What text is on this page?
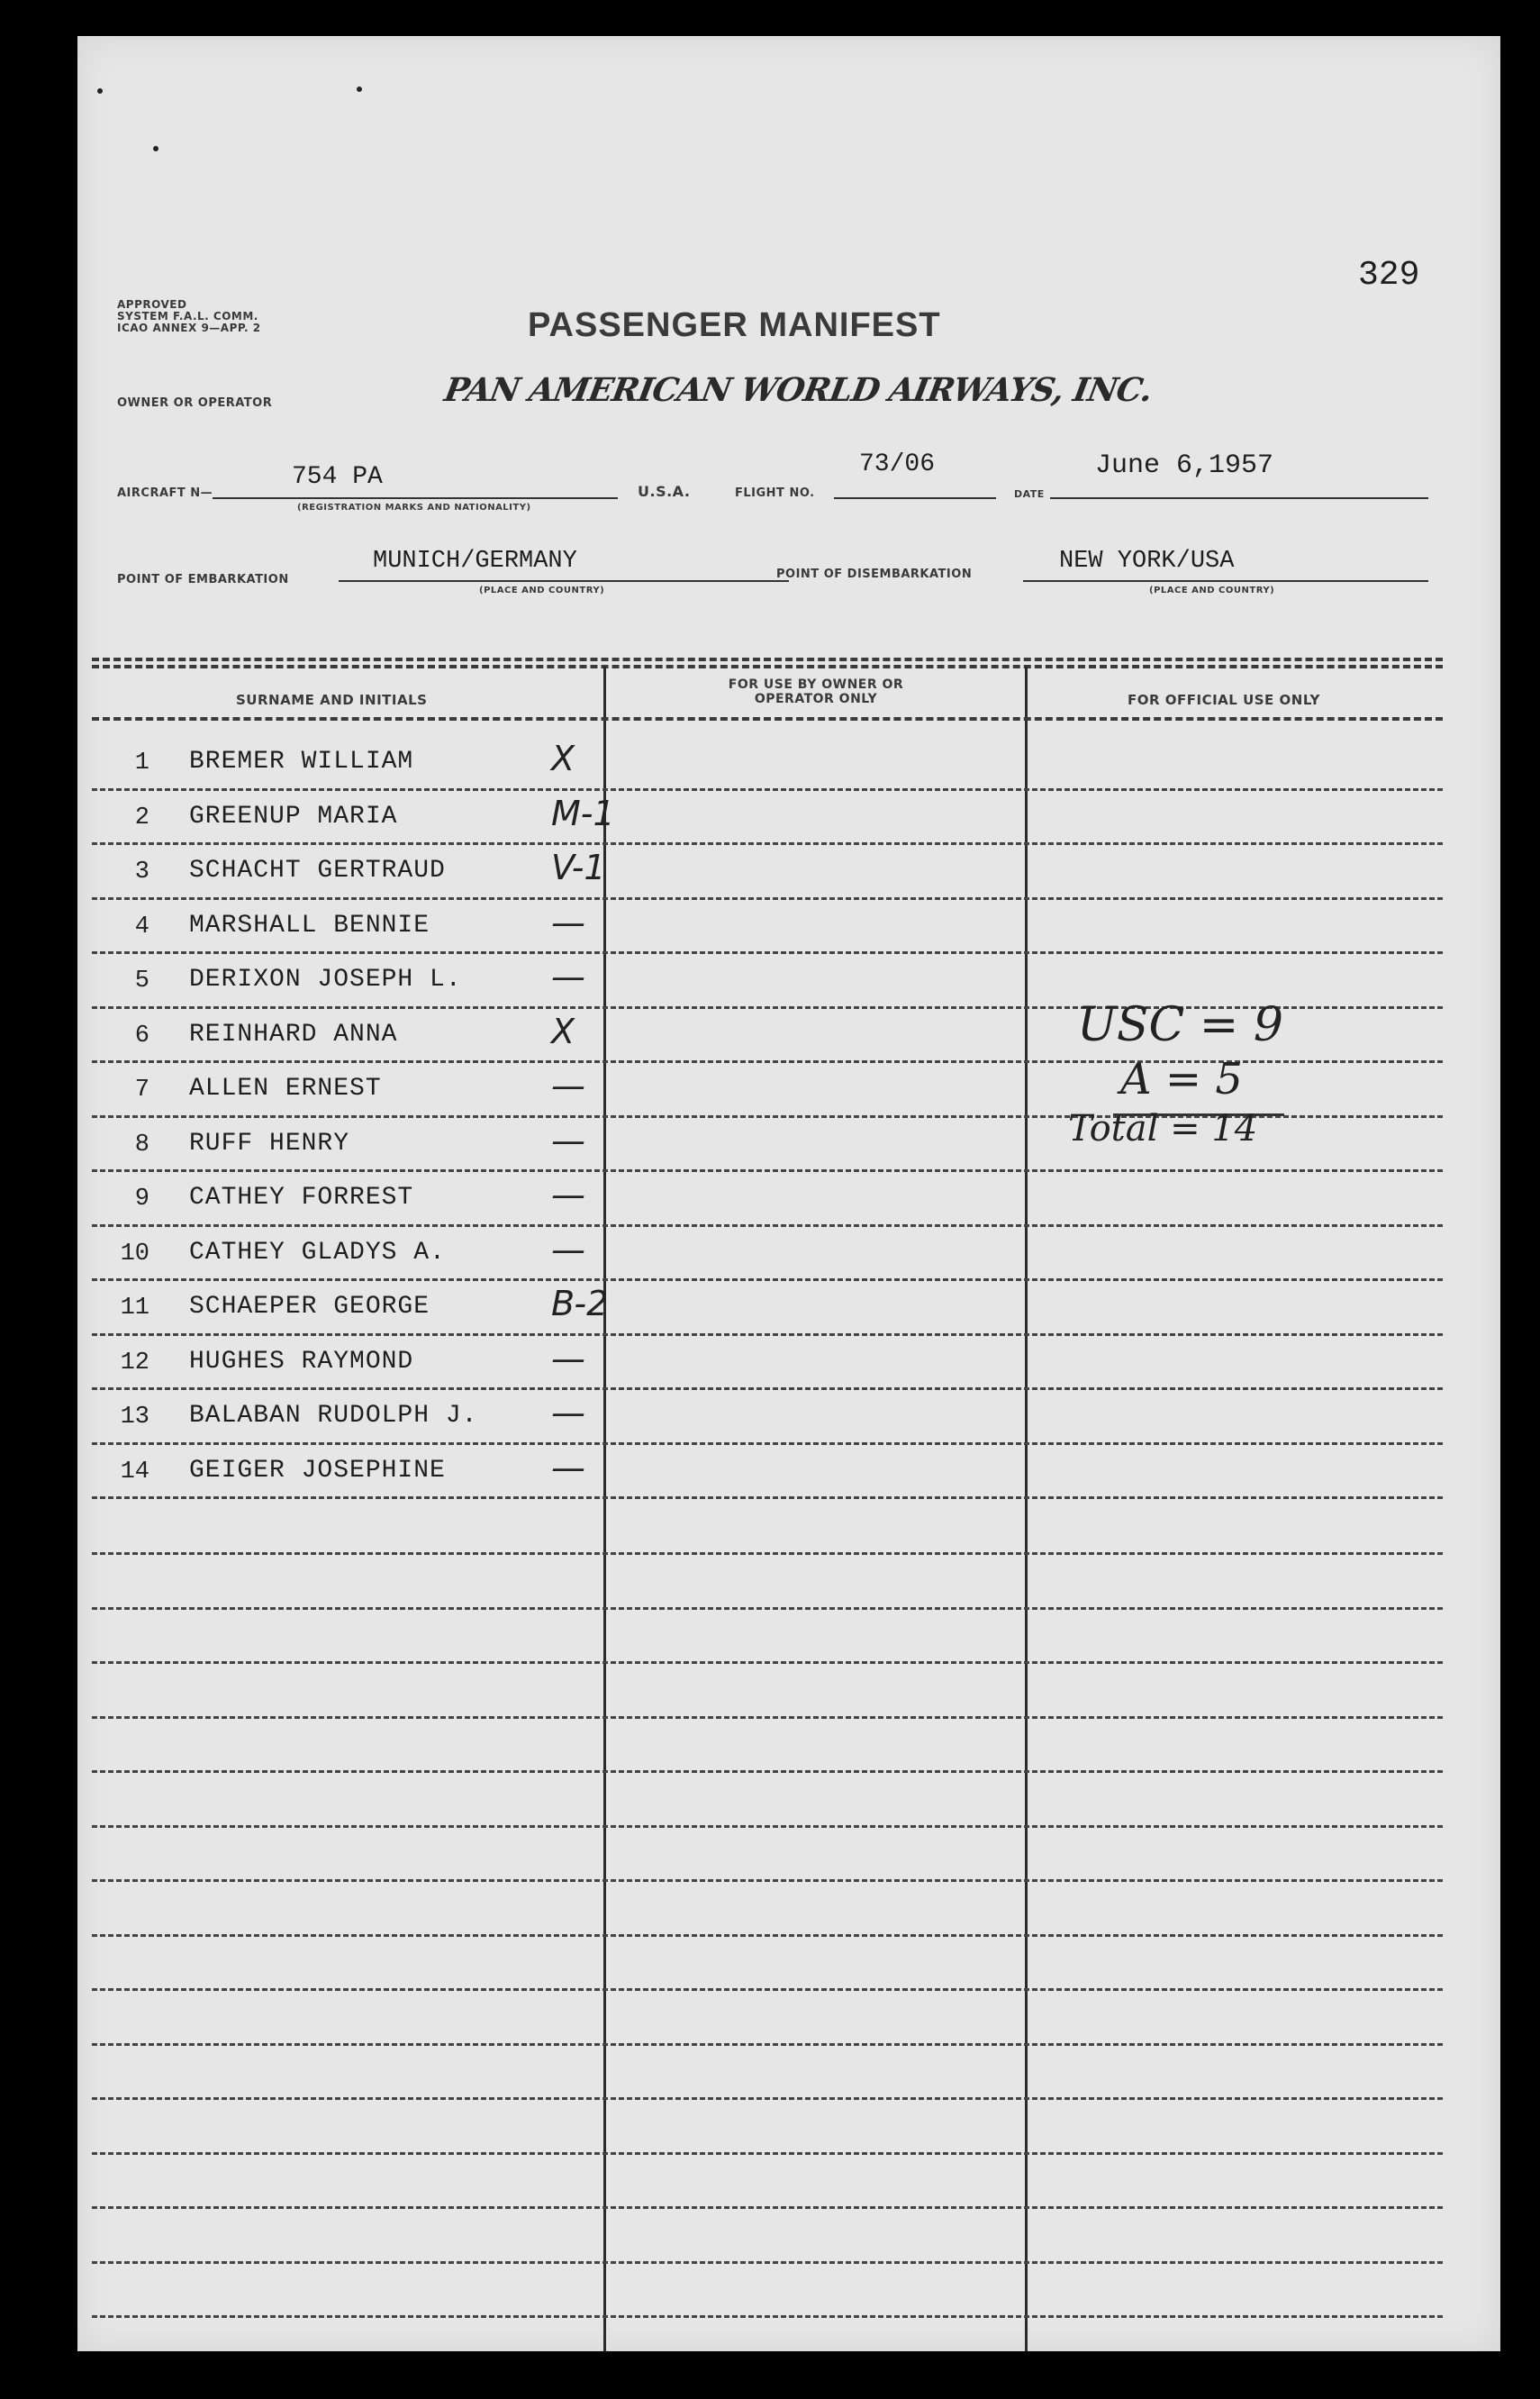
329
APPROVED
SYSTEM F.A.L. COMM.
ICAO ANNEX 9—APP. 2	PASSENGER MANIFEST
OWNER OR OPERATOR	PAN AMERICAN WORLD AIRWAYS, INC.
AIRCRAFT N—
754 PA
(REGISTRATION MARKS AND NATIONALITY)
U.S.A.	FLIGHT NO.
73/06
DATE
June 6,1957
POINT OF EMBARKATION
MUNICH/GERMANY
(PLACE AND COUNTRY)
POINT OF DISEMBARKATION	NEW YORK/USA
(PLACE AND COUNTRY)
SURNAME AND INITIALS
FOR USE BY OWNER OR OPERATOR ONLY	FOR OFFICIAL USE ONLY
1 BREMER WILLIAM	X
2 GREENUP MARIA	M-1
3 SCHACHT GERTRAUD	V-1
4 MARSHALL BENNIE	—
5 DERIXON JOSEPH L.	—
6 REINHARD ANNA	X
7 ALLEN ERNEST	—
8 RUFF HENRY	—
9 CATHEY FORREST	—
10 CATHEY GLADYS A.	—
11 SCHAEPER GEORGE	B-2
12 HUGHES RAYMOND	—
13 BALABAN RUDOLPH J. —
14 GEIGER JOSEPHINE	—
USC = 9
A = 5
Total = 14
